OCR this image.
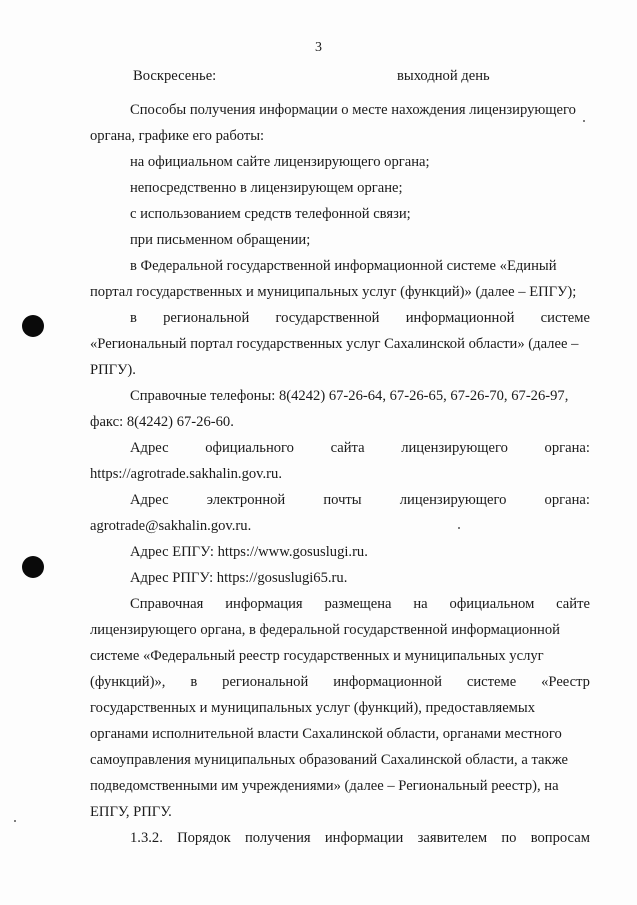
3
Воскресенье:	выходной день
Способы получения информации о месте нахождения лицензирующего
органа, графике его работы:
на официальном сайте лицензирующего органа;
непосредственно в лицензирующем органе;
с использованием средств телефонной связи;
при письменном обращении;
в Федеральной государственной информационной системе «Единый
портал государственных и муниципальных услуг (функций)» (далее – ЕПГУ);
в региональной государственной информационной системе
«Региональный портал государственных услуг Сахалинской области» (далее –
РПГУ).
Справочные телефоны: 8(4242) 67-26-64, 67-26-65, 67-26-70, 67-26-97,
факс: 8(4242) 67-26-60.
Адрес	официального	сайта	лицензирующего	органа:
https://agrotrade.sakhalin.gov.ru.
Адрес	электронной	почты	лицензирующего	органа:
agrotrade@sakhalin.gov.ru.
Адрес ЕПГУ: https://www.gosuslugi.ru.
Адрес РПГУ: https://gosuslugi65.ru.
Справочная информация размещена на официальном сайте
лицензирующего органа, в федеральной государственной информационной
системе «Федеральный реестр государственных и муниципальных услуг
(функций)», в региональной информационной системе «Реестр
государственных и муниципальных услуг (функций), предоставляемых
органами исполнительной власти Сахалинской области, органами местного
самоуправления муниципальных образований Сахалинской области, а также
подведомственными им учреждениями» (далее – Региональный реестр), на
ЕПГУ, РПГУ.
1.3.2. Порядок получения информации заявителем по вопросам
